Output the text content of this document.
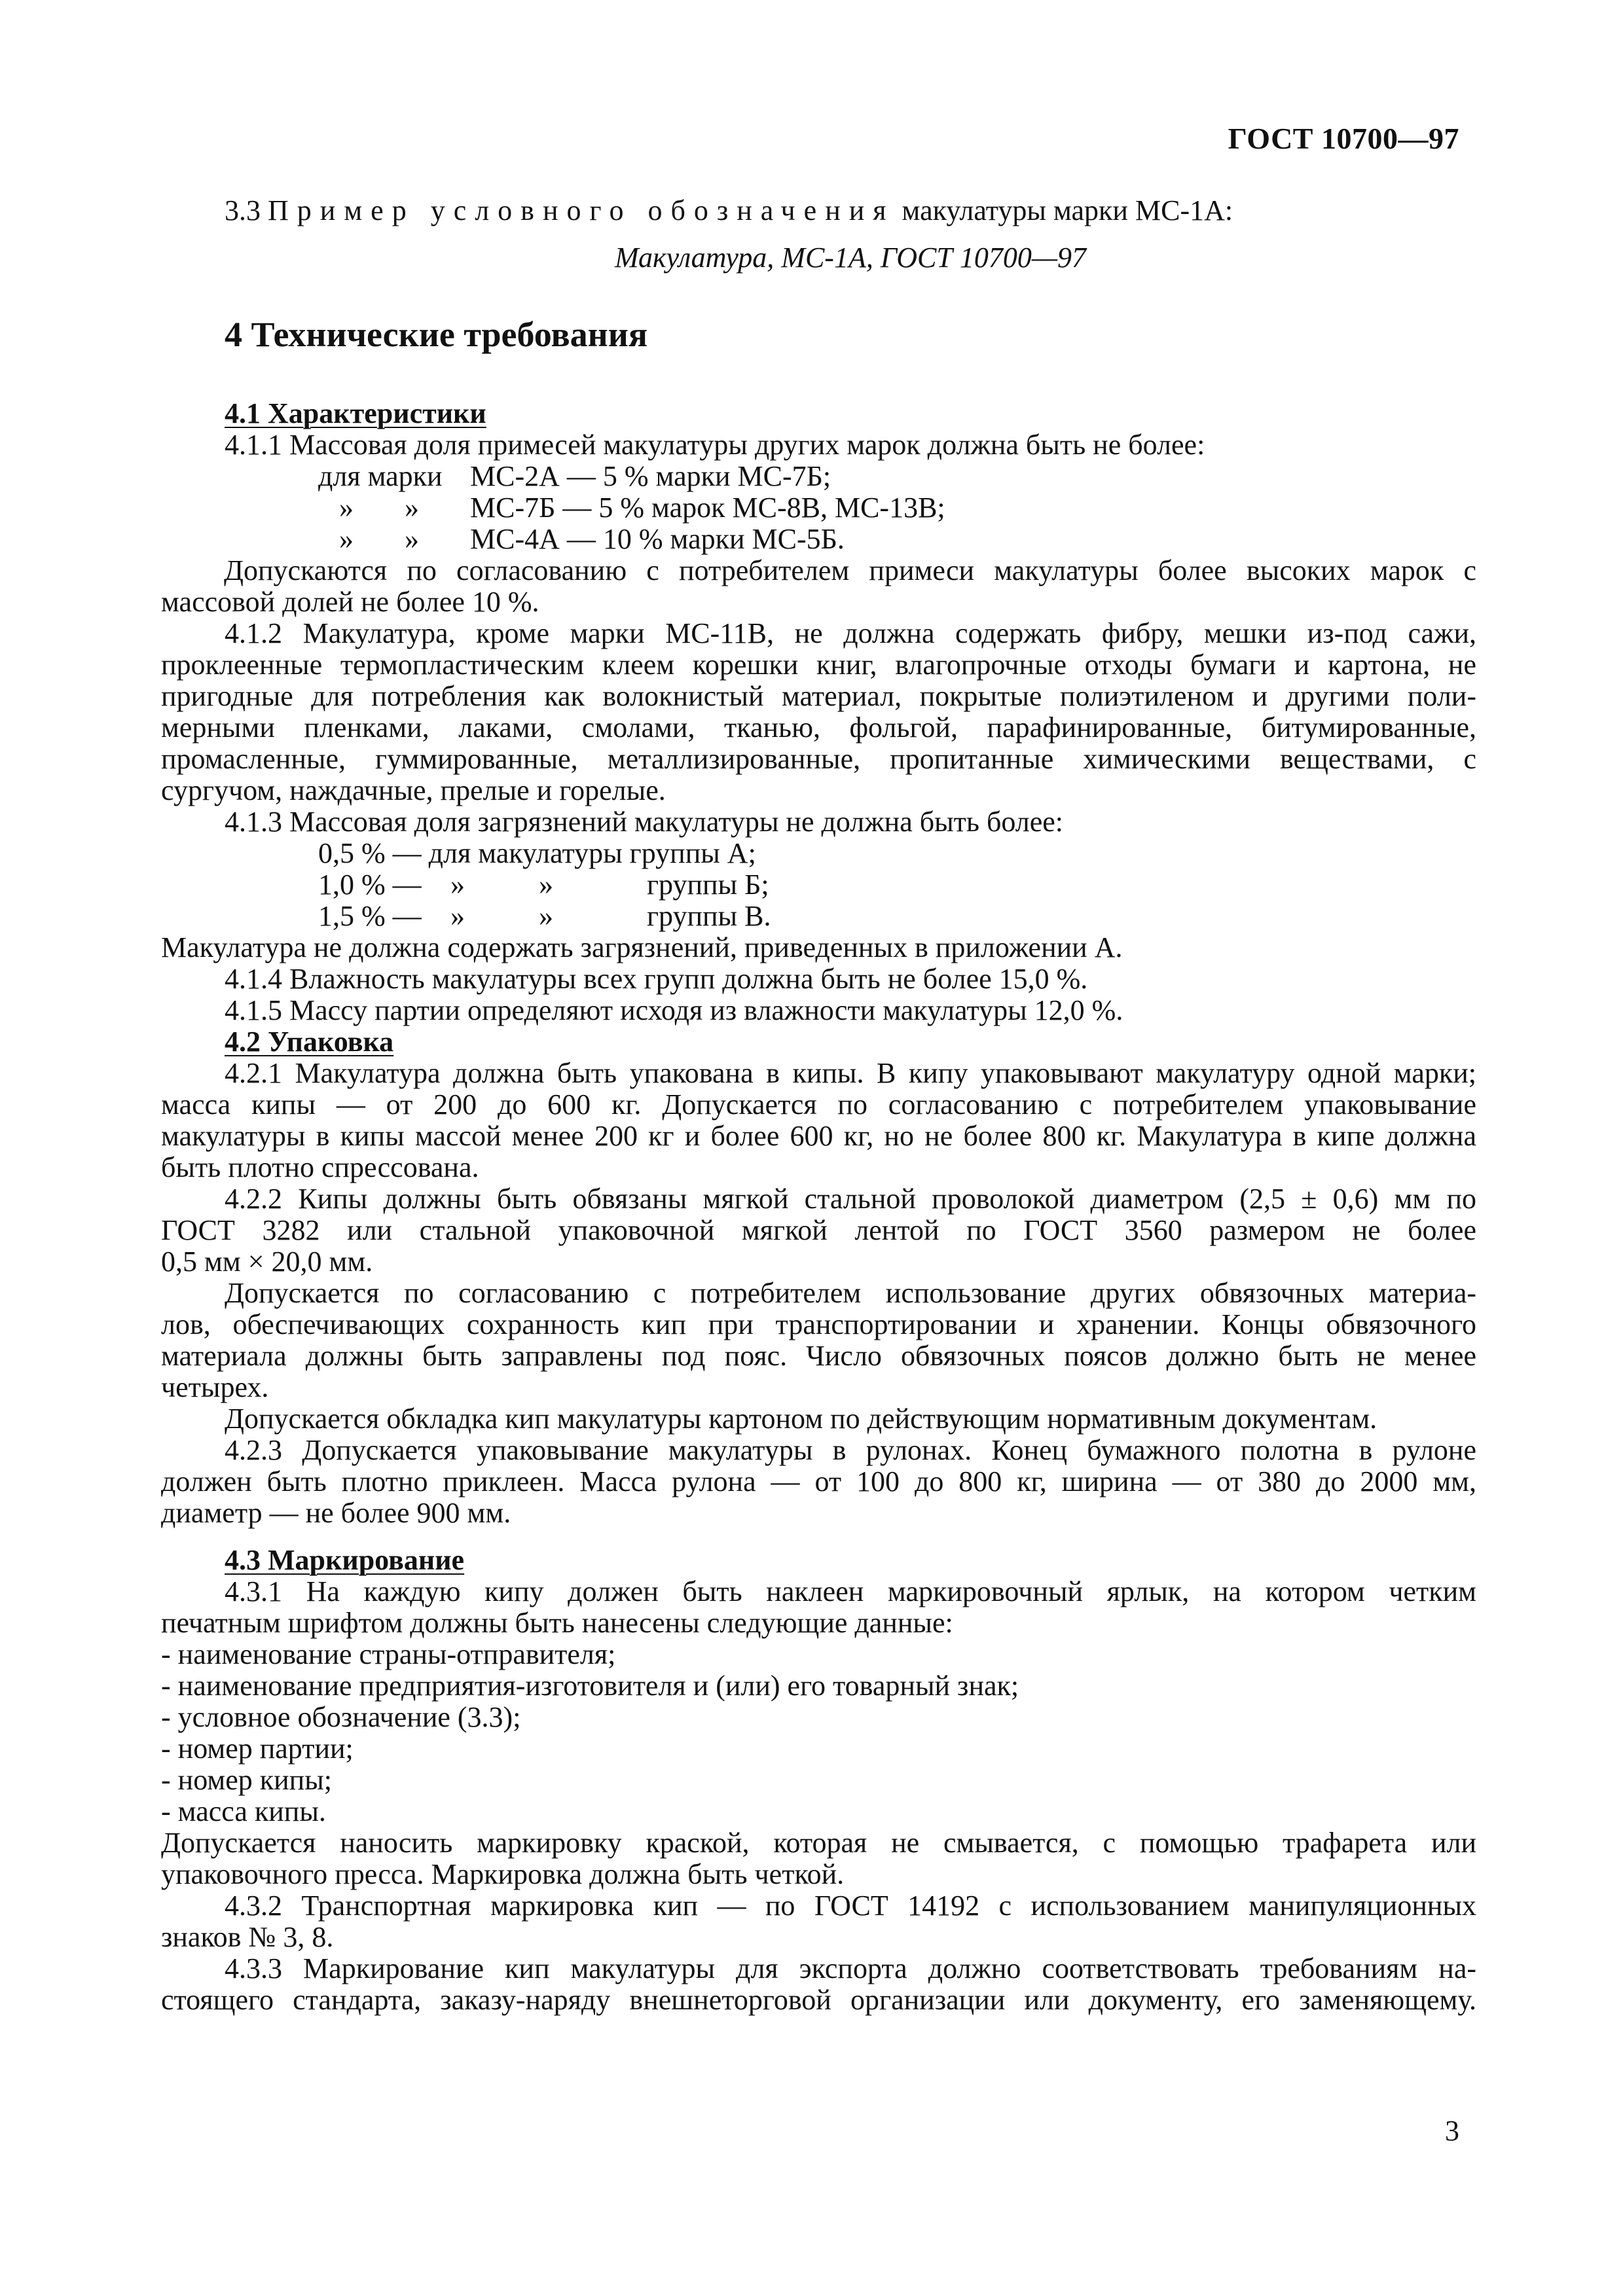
ГОСТ 10700—97
3.3 Пример условного обозначения макулатуры марки МС-1А:
Макулатура, МС-1А, ГОСТ 10700—97
4 Технические требования
4.1 Характеристики
4.1.1 Массовая доля примесей макулатуры других марок должна быть не более:
для марки МС-2А — 5 % марки МС-7Б;
» » МС-7Б — 5 % марок МС-8В, МС-13В;
» » МС-4А — 10 % марки МС-5Б.
Допускаются по согласованию с потребителем примеси макулатуры более высоких марок с
массовой долей не более 10 %.
4.1.2 Макулатура, кроме марки МС-11В, не должна содержать фибру, мешки из-под сажи,
проклеенные термопластическим клеем корешки книг, влагопрочные отходы бумаги и картона, не
пригодные для потребления как волокнистый материал, покрытые полиэтиленом и другими поли-
мерными пленками, лаками, смолами, тканью, фольгой, парафинированные, битумированные,
промасленные, гуммированные, металлизированные, пропитанные химическими веществами, с
сургучом, наждачные, прелые и горелые.
4.1.3 Массовая доля загрязнений макулатуры не должна быть более:
0,5 % — для макулатуры группы А;
1,0 % — »	»	группы Б;
1,5 % — »	»	группы В.
Макулатура не должна содержать загрязнений, приведенных в приложении А.
4.1.4 Влажность макулатуры всех групп должна быть не более 15,0 %.
4.1.5 Массу партии определяют исходя из влажности макулатуры 12,0 %.
4.2 Упаковка
4.2.1 Макулатура должна быть упакована в кипы. В кипу упаковывают макулатуру одной марки;
масса кипы — от 200 до 600 кг. Допускается по согласованию с потребителем упаковывание
макулатуры в кипы массой менее 200 кг и более 600 кг, но не более 800 кг. Макулатура в кипе должна
быть плотно спрессована.
4.2.2 Кипы должны быть обвязаны мягкой стальной проволокой диаметром (2,5 ± 0,6) мм по
ГОСТ 3282 или стальной упаковочной мягкой лентой по ГОСТ 3560 размером не более
0,5 мм × 20,0 мм.
Допускается по согласованию с потребителем использование других обвязочных материа-
лов, обеспечивающих сохранность кип при транспортировании и хранении. Концы обвязочного
материала должны быть заправлены под пояс. Число обвязочных поясов должно быть не менее
четырех.
Допускается обкладка кип макулатуры картоном по действующим нормативным документам.
4.2.3 Допускается упаковывание макулатуры в рулонах. Конец бумажного полотна в рулоне
должен быть плотно приклеен. Масса рулона — от 100 до 800 кг, ширина — от 380 до 2000 мм,
диаметр — не более 900 мм.
4.3 Маркирование
4.3.1 На каждую кипу должен быть наклеен маркировочный ярлык, на котором четким
печатным шрифтом должны быть нанесены следующие данные:
- наименование страны-отправителя;
- наименование предприятия-изготовителя и (или) его товарный знак;
- условное обозначение (3.3);
- номер партии;
- номер кипы;
- масса кипы.
Допускается наносить маркировку краской, которая не смывается, с помощью трафарета или
упаковочного пресса. Маркировка должна быть четкой.
4.3.2 Транспортная маркировка кип — по ГОСТ 14192 с использованием манипуляционных
знаков № 3, 8.
4.3.3 Маркирование кип макулатуры для экспорта должно соответствовать требованиям на-
стоящего стандарта, заказу-наряду внешнеторговой организации или документу, его заменяющему.
3
